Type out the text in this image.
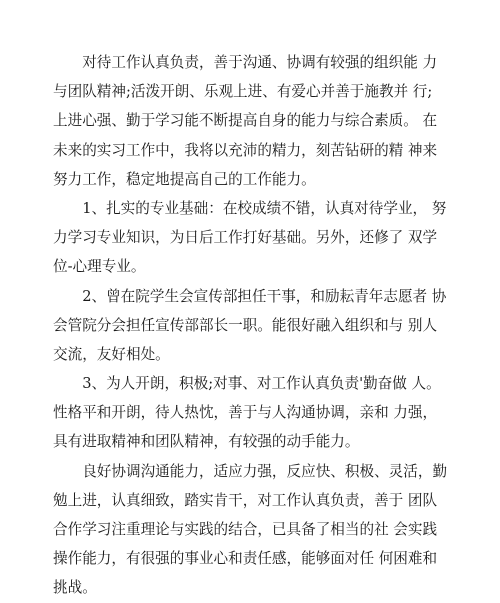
　　对待工作认真负责，善于沟通、协调有较强的组织能 力
与团队精神;活泼开朗、乐观上进、有爱心并善于施教并 行;
上进心强、勤于学习能不断提高自身的能力与综合素质。 在
未来的实习工作中，我将以充沛的精力，刻苦钻研的精 神来
努力工作，稳定地提高自己的工作能力。
　　1、扎实的专业基础：在校成绩不错，认真对待学业， 努
力学习专业知识，为日后工作打好基础。另外，还修了 双学
位-心理专业。
　　2、曾在院学生会宣传部担任干事，和励耘青年志愿者 协
会管院分会担任宣传部部长一职。能很好融入组织和与 别人
交流，友好相处。
　　3、为人开朗，积极;对事、对工作认真负责'勤奋做 人。
性格平和开朗，待人热忱，善于与人沟通协调，亲和 力强，
具有进取精神和团队精神，有较强的动手能力。
　　良好协调沟通能力，适应力强，反应快、积极、灵活，勤
勉上进，认真细致，踏实肯干，对工作认真负责，善于 团队
合作学习注重理论与实践的结合，已具备了相当的社 会实践
操作能力，有很强的事业心和责任感，能够面对任 何困难和
挑战。
